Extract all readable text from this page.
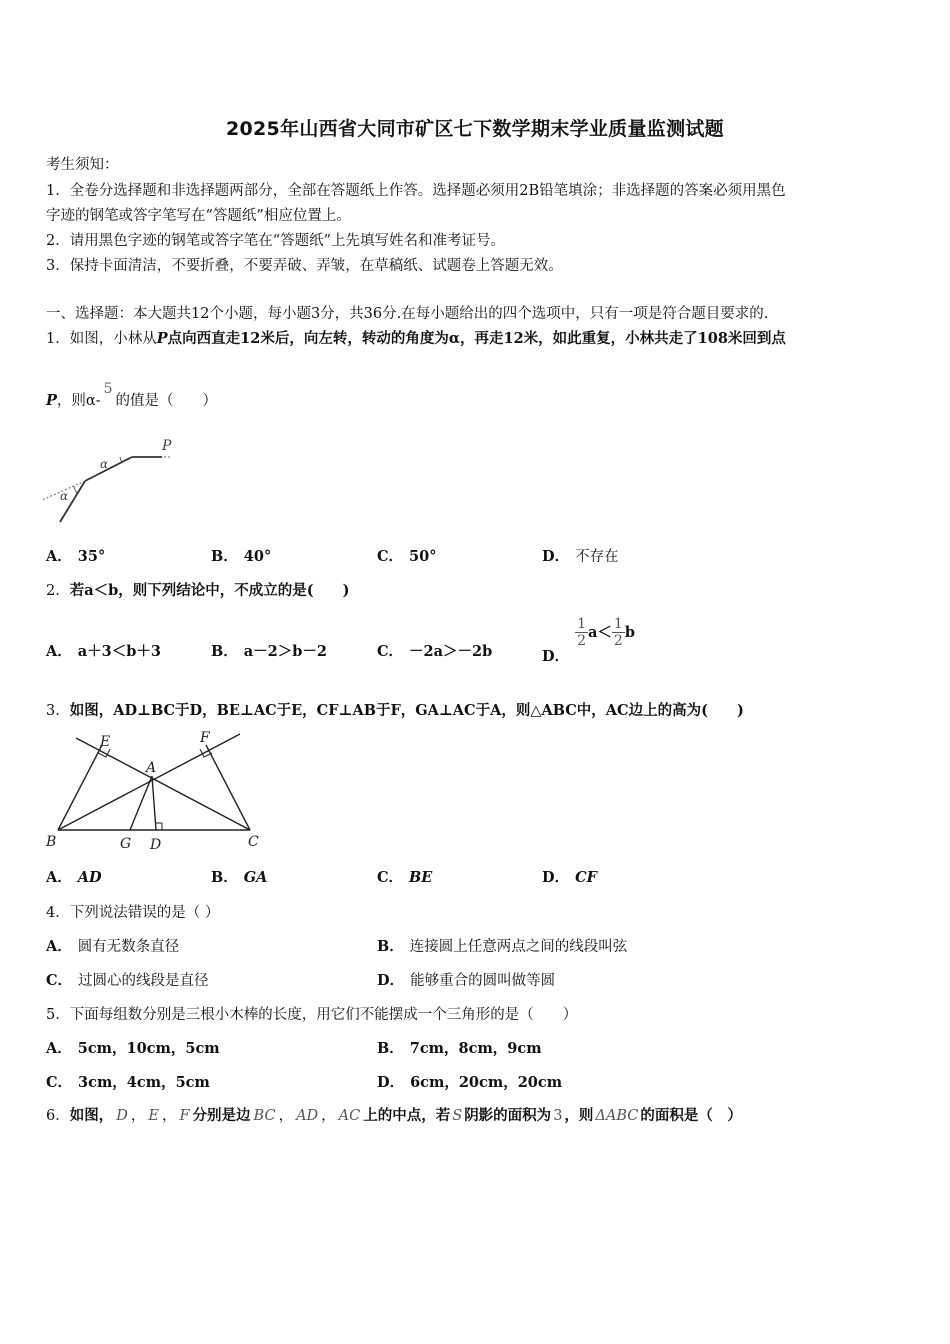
2025年山西省大同市矿区七下数学期末学业质量监测试题
考生须知：
1．全卷分选择题和非选择题两部分，全部在答题纸上作答。选择题必须用2B铅笔填涂；非选择题的答案必须用黑色
字迹的钢笔或答字笔写在“答题纸”相应位置上。
2．请用黑色字迹的钢笔或答字笔在“答题纸”上先填写姓名和准考证号。
3．保持卡面清洁，不要折叠，不要弄破、弄皱，在草稿纸、试题卷上答题无效。
一、选择题：本大题共12个小题，每小题3分，共36分.在每小题给出的四个选项中，只有一项是符合题目要求的.
1．如图，小林从P点向西直走12米后，向左转，转动的角度为α，再走12米，如此重复，小林共走了108米回到点
P，则α-5的值是（　　）
P
α
α
A． 35°	B． 40°	C． 50°	D． 不存在
2．若a＜b，则下列结论中，不成立的是(　　)
A． a＋3＜b＋3	B． a－2＞b－2	C． －2a＞－2b	D．
$\frac{1}{2} a< \frac{1}{2}$ b
3．如图，AD⊥BC于D，BE⊥AC于E，CF⊥AB于F，GA⊥AC于A，则△ABC中，AC边上的高为(　　)
E	F
A
B	G D	C
A． AD	B． GA	C． BE	D． CF
4．下列说法错误的是（ ）
A． 圆有无数条直径	B． 连接圆上任意两点之间的线段叫弦
C． 过圆心的线段是直径	D． 能够重合的圆叫做等圆
5．下面每组数分别是三根小木棒的长度，用它们不能摆成一个三角形的是（　　）
A． 5cm，10cm，5cm	B． 7cm，8cm，9cm
C． 3cm，4cm，5cm	D． 6cm，20cm，20cm
6．如图， D ， E ， F 分别是边 BC ， AD ， AC 上的中点，若 S 阴影的面积为 3 ，则 ΔABC 的面积是（　）
